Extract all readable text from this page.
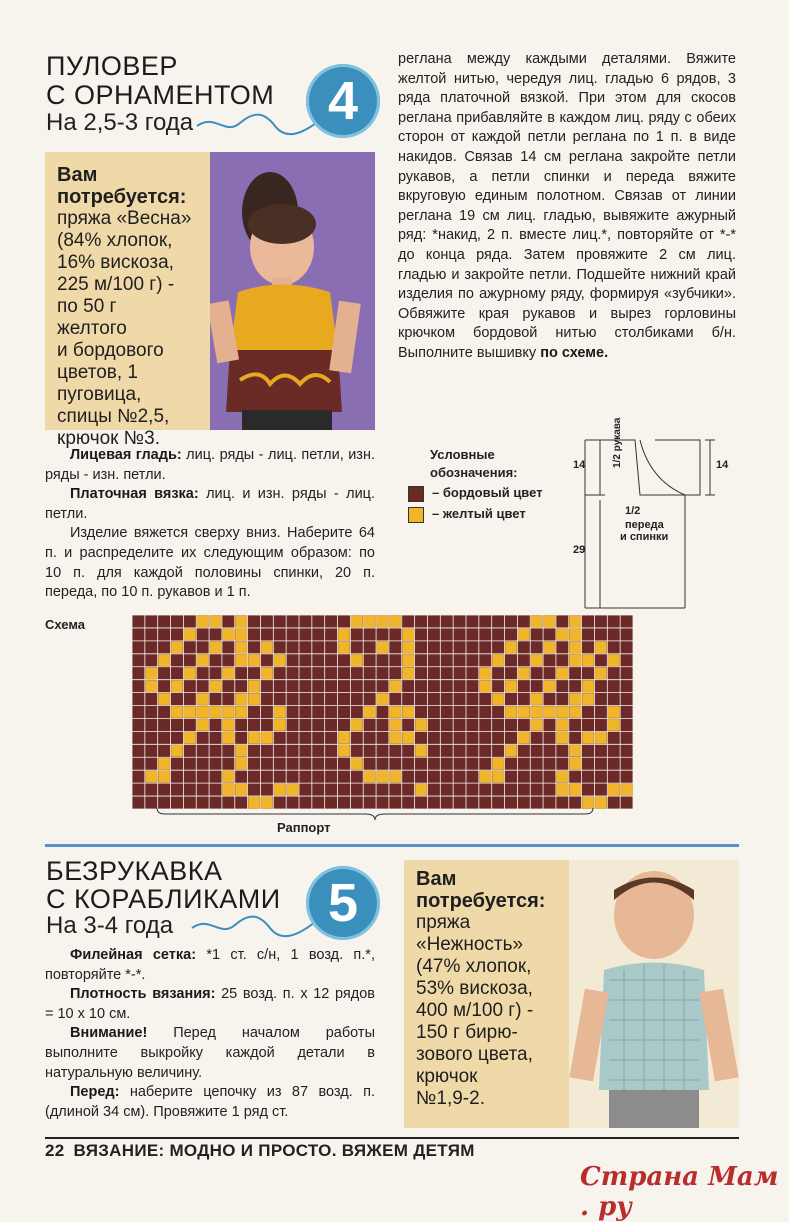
ПУЛОВЕР
С ОРНАМЕНТОМ
На 2,5-3 года	4
Вам
потребуется:
пряжа «Весна»
(84% хлопок,
16% вискоза,
225 м/100 г) -
по 50 г
желтого
и бордового
цветов, 1
пуговица,
спицы №2,5,
крючок №3.

Лицевая гладь: лиц. ряды - лиц. петли, изн. ряды - изн. петли.

Платочная вязка: лиц. и изн. ряды - лиц. петли.

Изделие вяжется сверху вниз. Наберите 64 п. и распределите их следующим образом: по 10 п. для каждой половины спинки, 20 п. переда, по 10 п. рукавов и 1 п.

реглана между каждыми деталями. Вяжите желтой нитью, чередуя лиц. гладью 6 рядов, 3 ряда платочной вязкой. При этом для скосов реглана прибавляйте в каждом лиц. ряду с обеих сторон от каждой петли реглана по 1 п. в виде накидов. Связав 14 см реглана закройте петли рукавов, а петли спинки и переда вяжите вкруговую единым полотном. Связав от линии реглана 19 см лиц. гладью, вывяжите ажурный ряд: *накид, 2 п. вместе лиц.*, повторяйте от *-* до конца ряда. Затем провяжите 2 см лиц. гладью и закройте петли. Подшейте нижний край изделия по ажурному ряду, формируя «зубчики». Обвяжите края рукавов и вырез горловины крючком бордовой нитью столбиками б/н. Выполните вышивку по схеме.
Условные
обозначения:
– бордовый цвет
– желтый цвет
14	14
29
1/2 рукава
1/2
переда
и спинки
Схема
Раппорт
БЕЗРУКАВКА
С КОРАБЛИКАМИ
На 3-4 года	5

Филейная сетка: *1 ст. с/н, 1 возд. п.*, повторяйте *-*.

Плотность вязания: 25 возд. п. х 12 рядов = 10 х 10 см.

Внимание! Перед началом работы выполните выкройку каждой детали в натуральную величину.

Перед: наберите цепочку из 87 возд. п. (длиной 34 см). Провяжите 1 ряд ст.

Вам
потребуется:
пряжа
«Нежность»
(47% хлопок,
53% вискоза,
400 м/100 г) -
150 г бирю-
зового цвета,
крючок
№1,9-2.
22 ВЯЗАНИЕ: МОДНО И ПРОСТО. ВЯЖЕМ ДЕТЯМ
Страна Мам . ру
